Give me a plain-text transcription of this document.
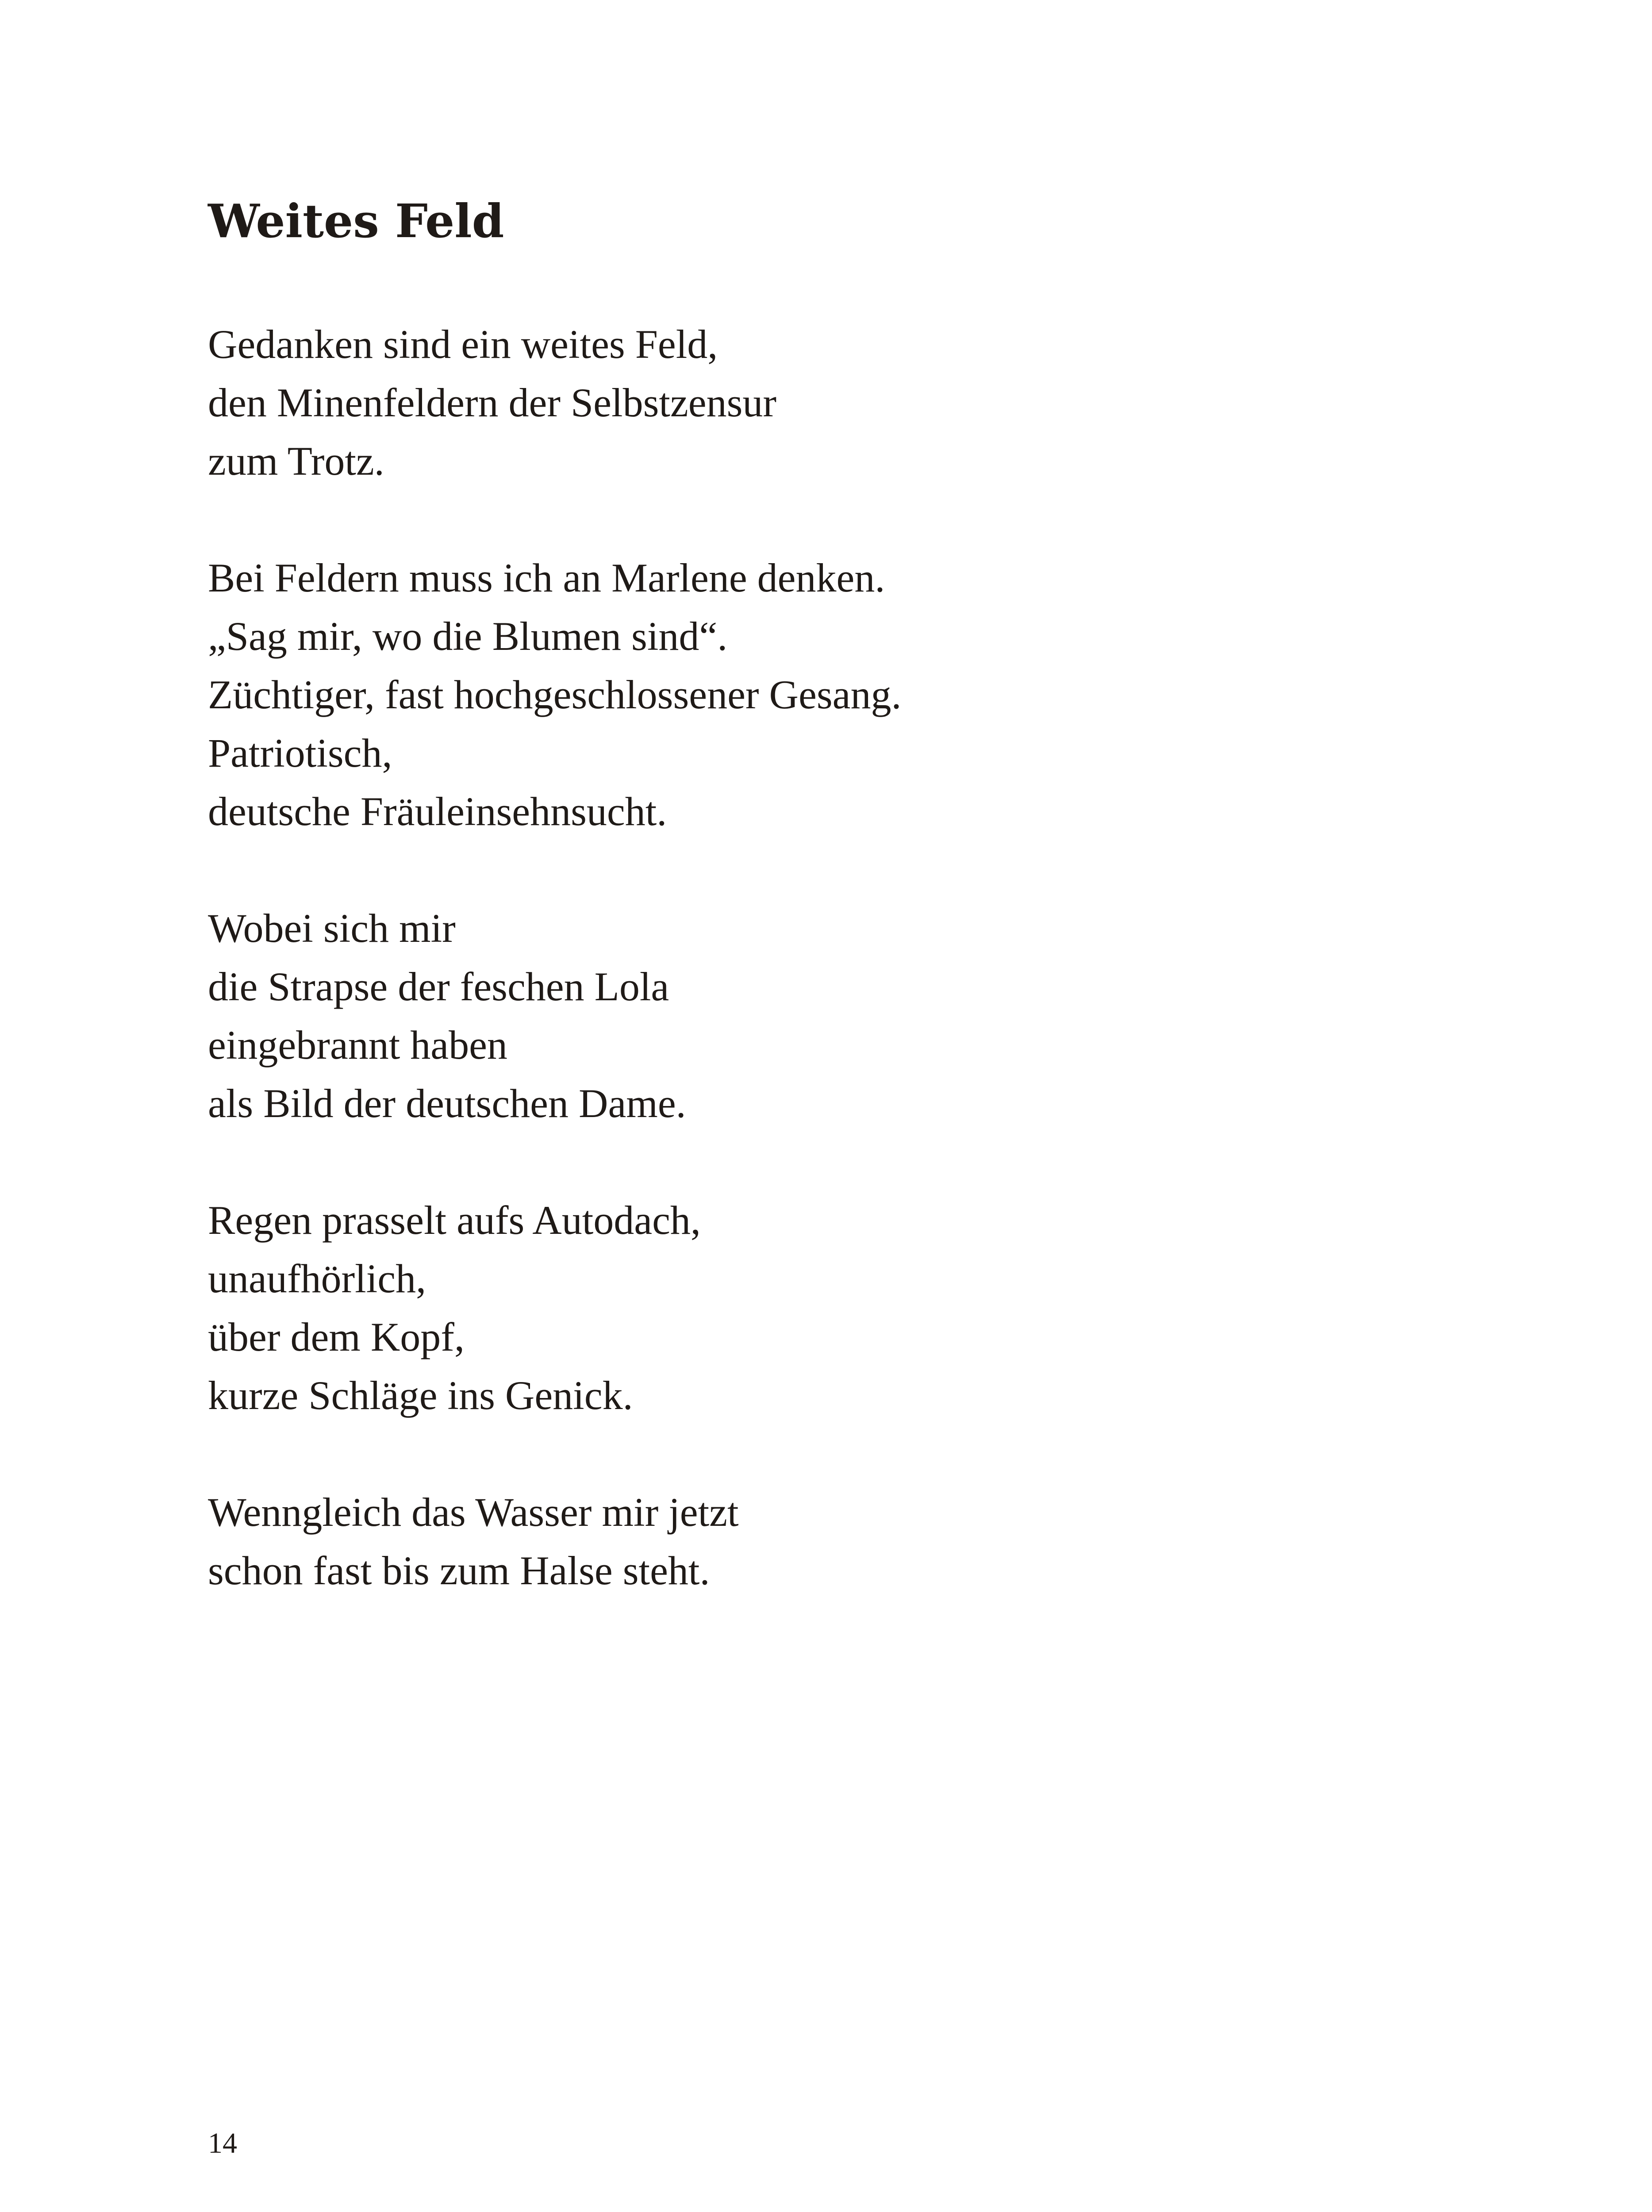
Weites Feld
Gedanken sind ein weites Feld,
den Minenfeldern der Selbstzensur
zum Trotz.
Bei Feldern muss ich an Marlene denken.
„Sag mir, wo die Blumen sind“.
Züchtiger, fast hochgeschlossener Gesang.
Patriotisch,
deutsche Fräuleinsehnsucht.
Wobei sich mir
die Strapse der feschen Lola
eingebrannt haben
als Bild der deutschen Dame.
Regen prasselt aufs Autodach,
unaufhörlich,
über dem Kopf,
kurze Schläge ins Genick.
Wenngleich das Wasser mir jetzt
schon fast bis zum Halse steht.
14
